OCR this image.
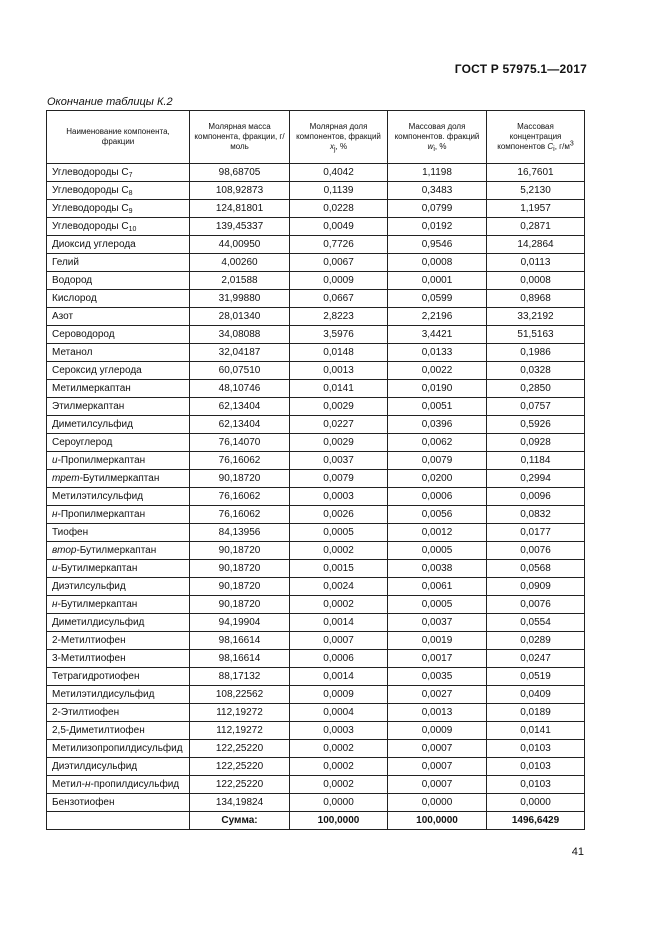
ГОСТ Р 57975.1—2017
Окончание таблицы К.2
Наименование компонента, фракции	Молярная масса компонента, фракции, г/моль	Молярная доля компонентов, фракций $x_j$, %	Массовая доля компонентов. фракций $w_i$, %	Массовая концентрация компонентов $C_i$, $г/м^3$
Углеводороды $C_7$	98,68705	0,4042	1,1198	16,7601
Углеводороды $C_8$	108,92873	0,1139	0,3483	5,2130
Углеводороды $C_9$	124,81801	0,0228	0,0799	1,1957
Углеводороды $C_{10}$	139,45337	0,0049	0,0192	0,2871
Диоксид углерода	44,00950	0,7726	0,9546	14,2864
Гелий	4,00260	0,0067	0,0008	0,0113
Водород	2,01588	0,0009	0,0001	0,0008
Кислород	31,99880	0,0667	0,0599	0,8968
Азот	28,01340	2,8223	2,2196	33,2192
Сероводород	34,08088	3,5976	3,4421	51,5163
Метанол	32,04187	0,0148	0,0133	0,1986
Сероксид углерода	60,07510	0,0013	0,0022	0,0328
Метилмеркаптан	48,10746	0,0141	0,0190	0,2850
Этилмеркаптан	62,13404	0,0029	0,0051	0,0757
Диметилсульфид	62,13404	0,0227	0,0396	0,5926
Сероуглерод	76,14070	0,0029	0,0062	0,0928
и-Пропилмеркаптан	76,16062	0,0037	0,0079	0,1184
трет-Бутилмеркаптан	90,18720	0,0079	0,0200	0,2994
Метилэтилсульфид	76,16062	0,0003	0,0006	0,0096
н-Пропилмеркаптан	76,16062	0,0026	0,0056	0,0832
Тиофен	84,13956	0,0005	0,0012	0,0177
втор-Бутилмеркаптан	90,18720	0,0002	0,0005	0,0076
и-Бутилмеркаптан	90,18720	0,0015	0,0038	0,0568
Диэтилсульфид	90,18720	0,0024	0,0061	0,0909
н-Бутилмеркаптан	90,18720	0,0002	0,0005	0,0076
Диметилдисульфид	94,19904	0,0014	0,0037	0,0554
2-Метилтиофен	98,16614	0,0007	0,0019	0,0289
3-Метилтиофен	98,16614	0,0006	0,0017	0,0247
Тетрагидротиофен	88,17132	0,0014	0,0035	0,0519
Метилэтилдисульфид	108,22562	0,0009	0,0027	0,0409
2-Этилтиофен	112,19272	0,0004	0,0013	0,0189
2,5-Диметилтиофен	112,19272	0,0003	0,0009	0,0141
Метилизопропилдисульфид	122,25220	0,0002	0,0007	0,0103
Диэтилдисульфид	122,25220	0,0002	0,0007	0,0103
Метил-н-пропилдисульфид	122,25220	0,0002	0,0007	0,0103
Бензотиофен	134,19824	0,0000	0,0000	0,0000
	Сумма:	100,0000	100,0000	1496,6429
41
